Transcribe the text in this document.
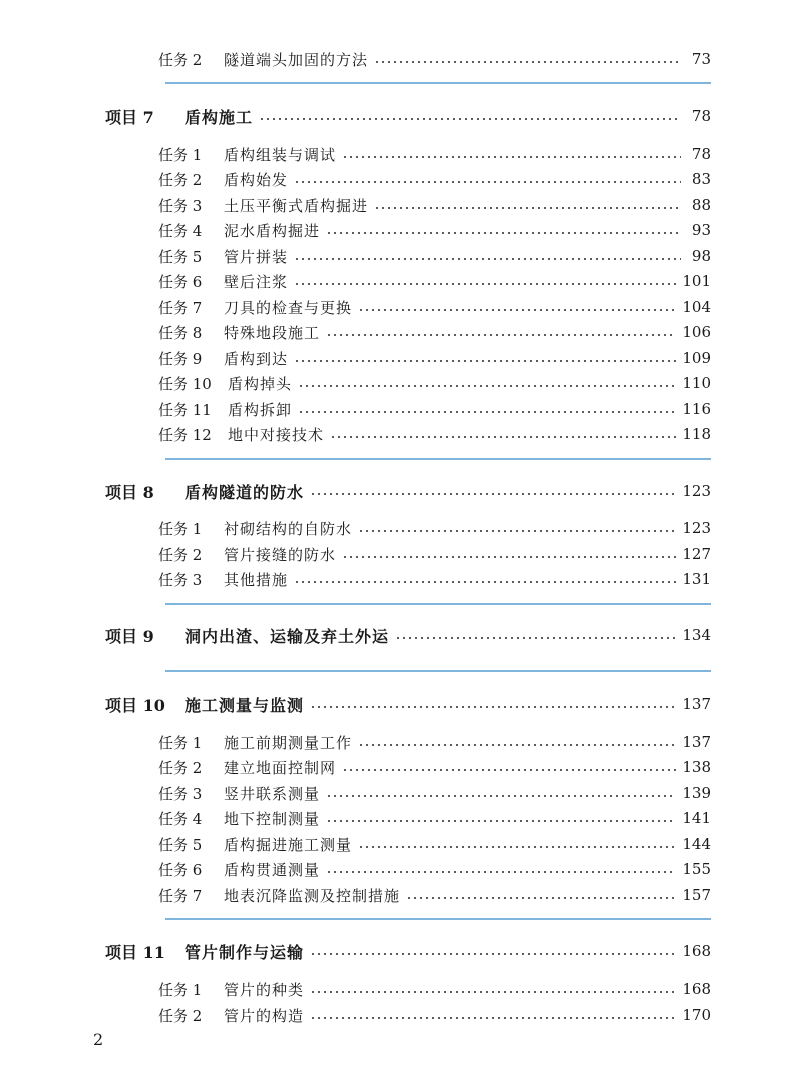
任务 2	隧道端头加固的方法	73
项目 7	盾构施工	78
任务 1	盾构组装与调试	78
任务 2	盾构始发	83
任务 3	土压平衡式盾构掘进	88
任务 4	泥水盾构掘进	93
任务 5	管片拼装	98
任务 6	壁后注浆	101
任务 7	刀具的检查与更换	104
任务 8	特殊地段施工	106
任务 9	盾构到达	109
任务 10	盾构掉头	110
任务 11	盾构拆卸	116
任务 12	地中对接技术	118
项目 8	盾构隧道的防水	123
任务 1	衬砌结构的自防水	123
任务 2	管片接缝的防水	127
任务 3	其他措施	131
项目 9	洞内出渣、运输及弃土外运	134
项目 10	施工测量与监测	137
任务 1	施工前期测量工作	137
任务 2	建立地面控制网	138
任务 3	竖井联系测量	139
任务 4	地下控制测量	141
任务 5	盾构掘进施工测量	144
任务 6	盾构贯通测量	155
任务 7	地表沉降监测及控制措施	157
项目 11	管片制作与运输	168
任务 1	管片的种类	168
任务 2	管片的构造	170
2
